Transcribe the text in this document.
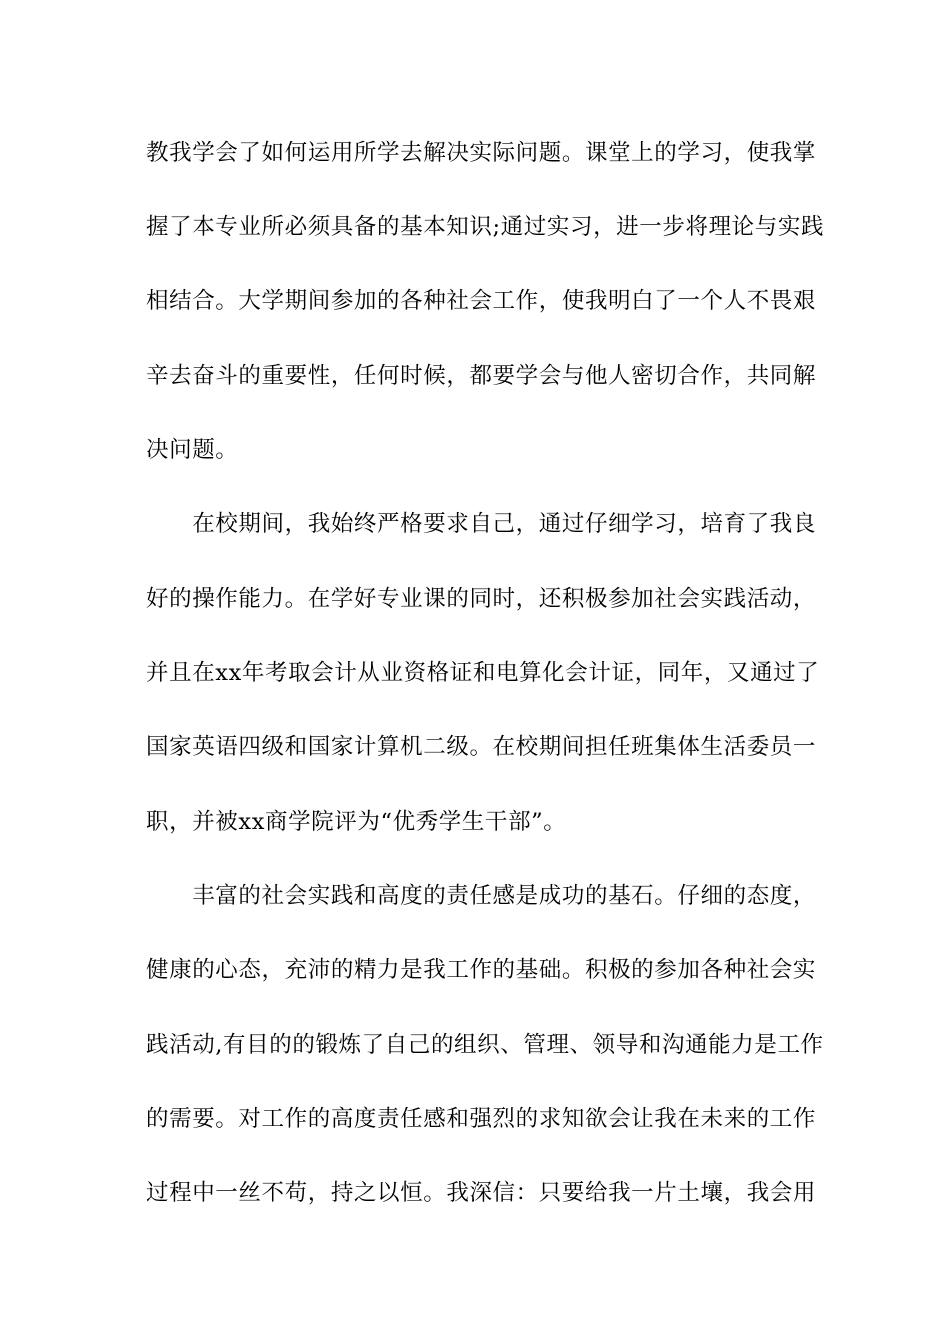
教我学会了如何运用所学去解决实际问题。课堂上的学习，使我掌
握了本专业所必须具备的基本知识;通过实习，进一步将理论与实践
相结合。大学期间参加的各种社会工作，使我明白了一个人不畏艰
辛去奋斗的重要性，任何时候，都要学会与他人密切合作，共同解
决问题。
　　在校期间，我始终严格要求自己，通过仔细学习，培育了我良
好的操作能力。在学好专业课的同时，还积极参加社会实践活动，
并且在xx年考取会计从业资格证和电算化会计证，同年，又通过了
国家英语四级和国家计算机二级。在校期间担任班集体生活委员一
职，并被xx商学院评为“优秀学生干部”。
　　丰富的社会实践和高度的责任感是成功的基石。仔细的态度，
健康的心态，充沛的精力是我工作的基础。积极的参加各种社会实
践活动,有目的的锻炼了自己的组织、管理、领导和沟通能力是工作
的需要。对工作的高度责任感和强烈的求知欲会让我在未来的工作
过程中一丝不苟，持之以恒。我深信：只要给我一片土壤，我会用
